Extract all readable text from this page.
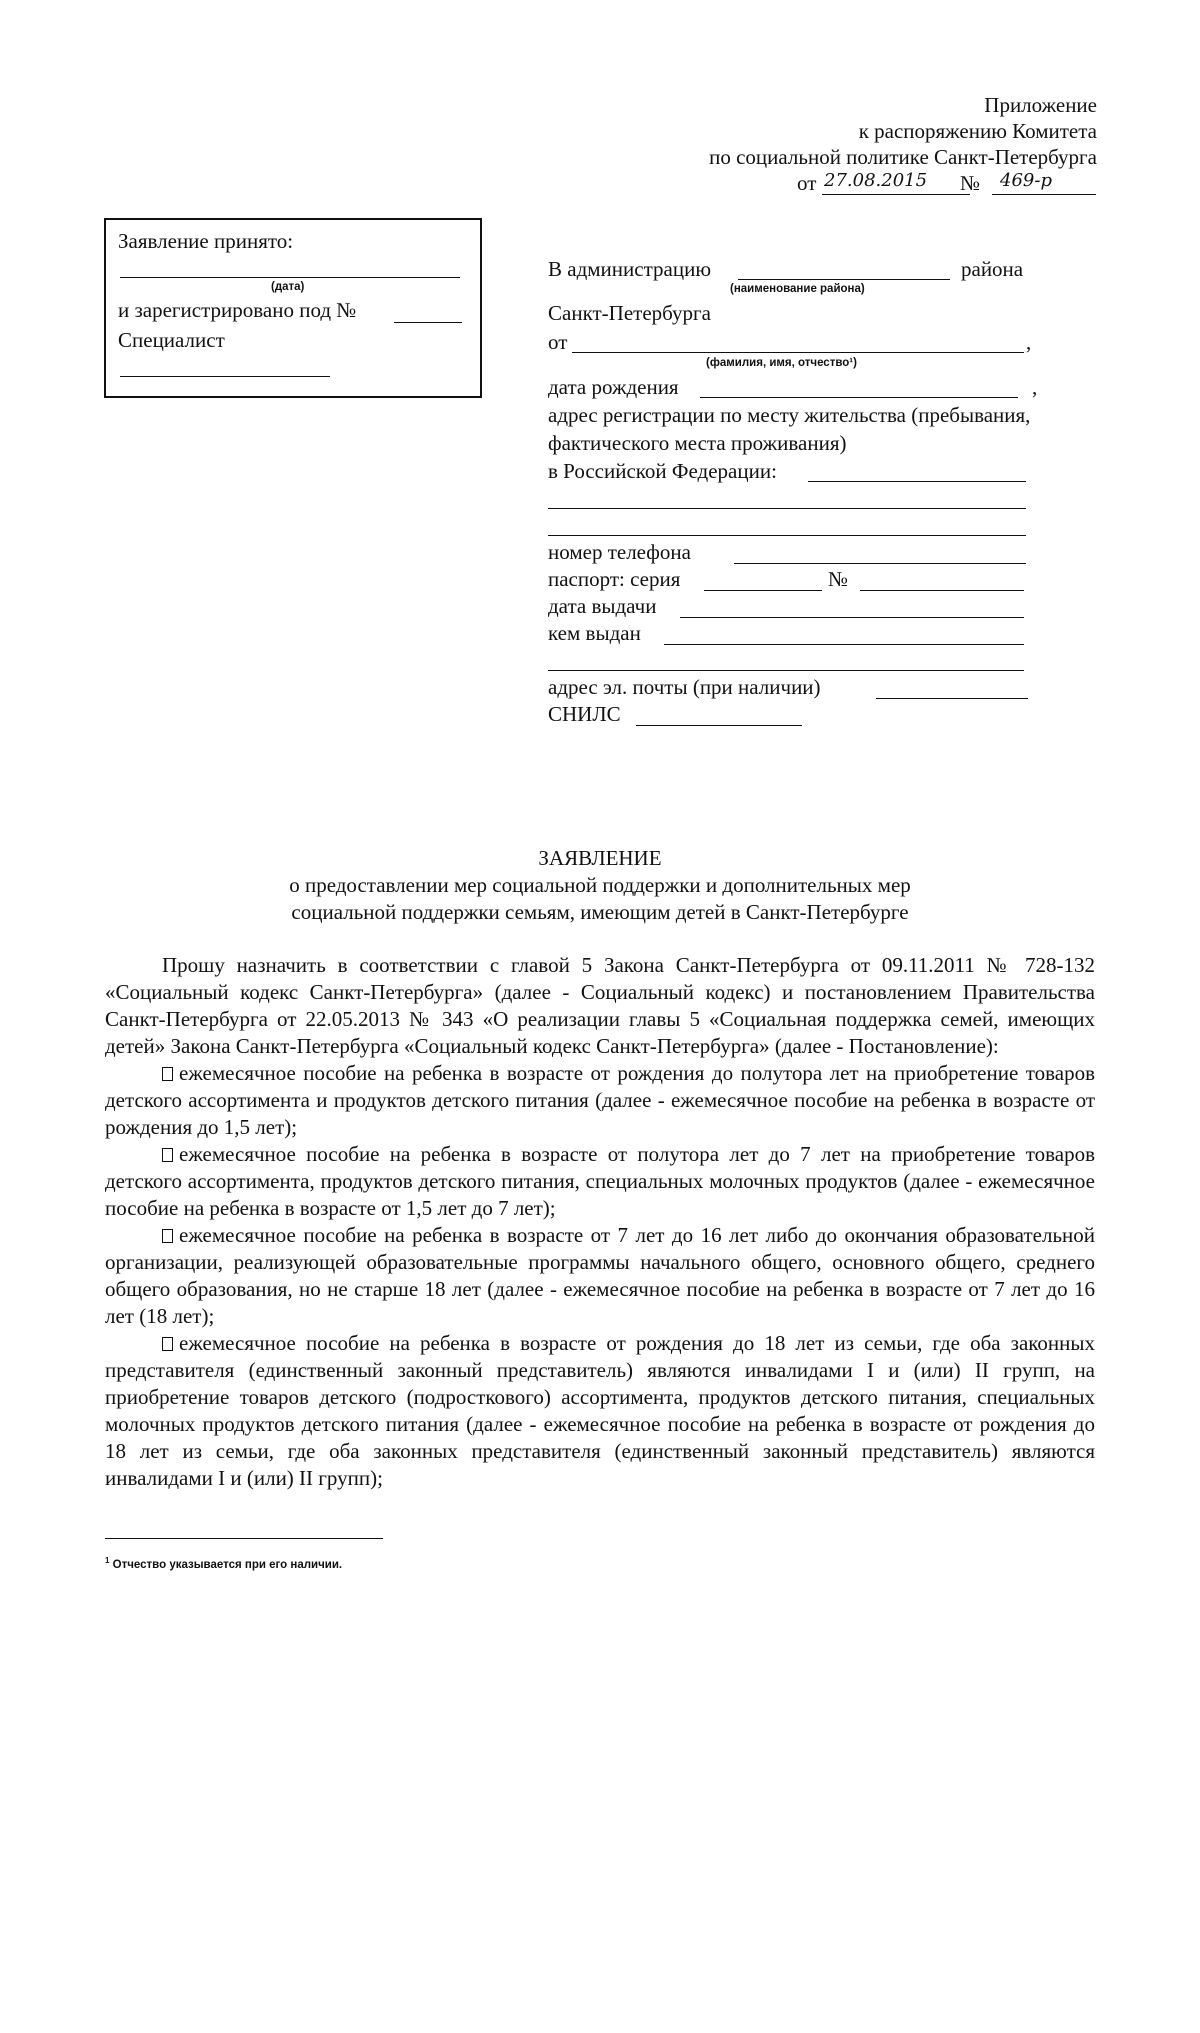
Приложение
к распоряжению Комитета
по социальной политике Санкт-Петербурга
от 27.08.2015 № 469-р
Заявление принято:
(дата)
и зарегистрировано под №
Специалист
В администрацию	района
(наименование района)
Санкт-Петербурга
от	,
(фамилия, имя, отчество¹)
дата рождения	,
адрес регистрации по месту жительства (пребывания,
фактического места проживания)
в Российской Федерации:
номер телефона
паспорт: серия	№
дата выдачи
кем выдан
адрес эл. почты (при наличии)
СНИЛС
ЗАЯВЛЕНИЕ
о предоставлении мер социальной поддержки и дополнительных мер
социальной поддержки семьям, имеющим детей в Санкт-Петербурге

Прошу назначить в соответствии с главой 5 Закона Санкт-Петербурга от 09.11.2011 № 728-132 «Социальный кодекс Санкт-Петербурга» (далее - Социальный кодекс) и постановлением Правительства Санкт-Петербурга от 22.05.2013 № 343 «О реализации главы 5 «Социальная поддержка семей, имеющих детей» Закона Санкт-Петербурга «Социальный кодекс Санкт-Петербурга» (далее - Постановление):

ежемесячное пособие на ребенка в возрасте от рождения до полутора лет на приобретение товаров детского ассортимента и продуктов детского питания (далее - ежемесячное пособие на ребенка в возрасте от рождения до 1,5 лет);

ежемесячное пособие на ребенка в возрасте от полутора лет до 7 лет на приобретение товаров детского ассортимента, продуктов детского питания, специальных молочных продуктов (далее - ежемесячное пособие на ребенка в возрасте от 1,5 лет до 7 лет);

ежемесячное пособие на ребенка в возрасте от 7 лет до 16 лет либо до окончания образовательной организации, реализующей образовательные программы начального общего, основного общего, среднего общего образования, но не старше 18 лет (далее - ежемесячное пособие на ребенка в возрасте от 7 лет до 16 лет (18 лет);

ежемесячное пособие на ребенка в возрасте от рождения до 18 лет из семьи, где оба законных представителя (единственный законный представитель) являются инвалидами I и (или) II групп, на приобретение товаров детского (подросткового) ассортимента, продуктов детского питания, специальных молочных продуктов детского питания (далее - ежемесячное пособие на ребенка в возрасте от рождения до 18 лет из семьи, где оба законных представителя (единственный законный представитель) являются инвалидами I и (или) II групп);

$^1$ Отчество указывается при его наличии.
